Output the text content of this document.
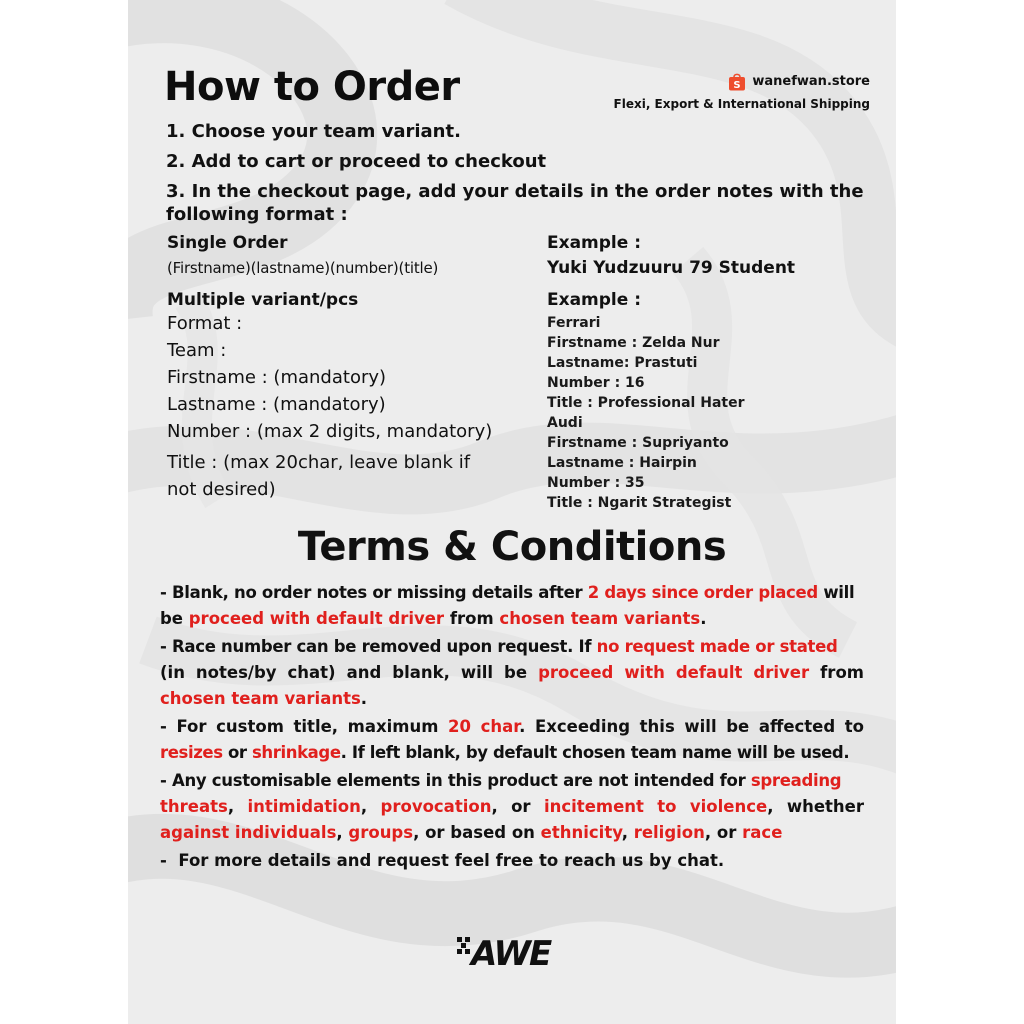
How to Order	S wanefwan.store
Flexi, Export & International Shipping
1. Choose your team variant.
2. Add to cart or proceed to checkout
3. In the checkout page, add your details in the order notes with the
following format :
Single Order
(Firstname)(lastname)(number)(title)
Example :
Yuki Yudzuuru 79 Student
Multiple variant/pcs
Format :
Team :
Firstname : (mandatory)
Lastname : (mandatory)
Number : (max 2 digits, mandatory)
Title : (max 20char, leave blank if
not desired)
Example :
Ferrari
Firstname : Zelda Nur
Lastname: Prastuti
Number : 16
Title : Professional Hater
Audi
Firstname : Supriyanto
Lastname : Hairpin
Number : 35
Title : Ngarit Strategist
Terms & Conditions
- Blank, no order notes or missing details after 2 days since order placed will
be proceed with default driver from chosen team variants.
- Race number can be removed upon request. If no request made or stated
(in notes/by chat) and blank, will be proceed with default driver from
chosen team variants.
- For custom title, maximum 20 char. Exceeding this will be affected to
resizes or shrinkage. If left blank, by default chosen team name will be used.
- Any customisable elements in this product are not intended for spreading
threats, intimidation, provocation, or incitement to violence, whether
against individuals, groups, or based on ethnicity, religion, or race
-  For more details and request feel free to reach us by chat.
AWE
